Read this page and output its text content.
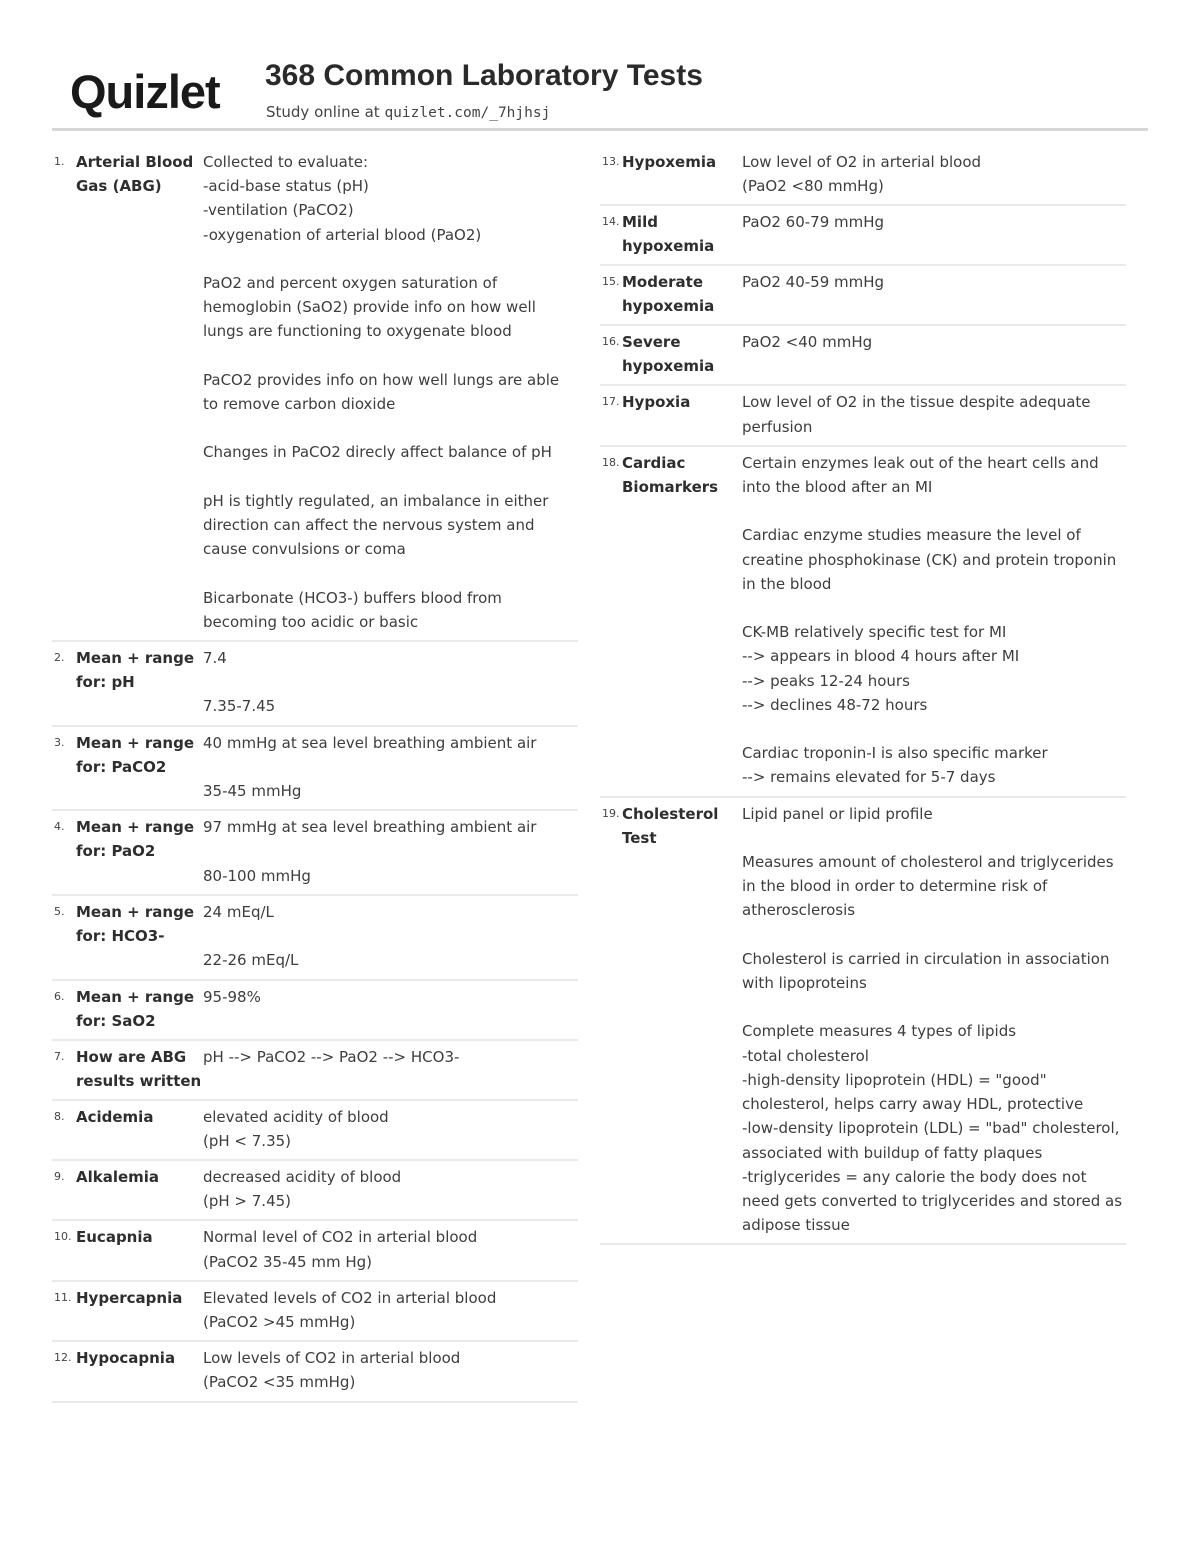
Quizlet 368 Common Laboratory Tests
Study online at quizlet.com/_7hjhsj
1. Arterial Blood Gas (ABG)
Collected to evaluate:
-acid-base status (pH)
-ventilation (PaCO2)
-oxygenation of arterial blood (PaO2)

PaO2 and percent oxygen saturation of hemoglobin (SaO2) provide info on how well lungs are functioning to oxygenate blood

PaCO2 provides info on how well lungs are able to remove carbon dioxide

Changes in PaCO2 direcly affect balance of pH

pH is tightly regulated, an imbalance in either direction can affect the nervous system and cause convulsions or coma

Bicarbonate (HCO3-) buffers blood from becoming too acidic or basic
2. Mean + range for: pH
7.4

7.35-7.45
3. Mean + range for: PaCO2
40 mmHg at sea level breathing ambient air

35-45 mmHg
4. Mean + range for: PaO2
97 mmHg at sea level breathing ambient air

80-100 mmHg
5. Mean + range for: HCO3-
24 mEq/L

22-26 mEq/L
6. Mean + range for: SaO2
95-98%
7. How are ABG results written
pH --> PaCO2 --> PaO2 --> HCO3-
8. Acidemia	elevated acidity of blood
(pH < 7.35)
9. Alkalemia	decreased acidity of blood
(pH > 7.45)
10. Eucapnia	Normal level of CO2 in arterial blood
(PaCO2 35-45 mm Hg)
11. Hypercapnia	Elevated levels of CO2 in arterial blood
(PaCO2 >45 mmHg)
12. Hypocapnia	Low levels of CO2 in arterial blood
(PaCO2 <35 mmHg)
13. Hypoxemia	Low level of O2 in arterial blood
(PaO2 <80 mmHg)
14. Mild hypoxemia
PaO2 60-79 mmHg
15. Moderate hypoxemia
PaO2 40-59 mmHg
16. Severe hypoxemia
PaO2 <40 mmHg
17. Hypoxia	Low level of O2 in the tissue despite adequate perfusion
18. Cardiac Biomarkers
Certain enzymes leak out of the heart cells and into the blood after an MI

Cardiac enzyme studies measure the level of creatine phosphokinase (CK) and protein troponin in the blood

CK-MB relatively specific test for MI
--> appears in blood 4 hours after MI
--> peaks 12-24 hours
--> declines 48-72 hours

Cardiac troponin-I is also specific marker
--> remains elevated for 5-7 days
19. Cholesterol Test
Lipid panel or lipid profile

Measures amount of cholesterol and triglycerides in the blood in order to determine risk of atherosclerosis

Cholesterol is carried in circulation in association with lipoproteins

Complete measures 4 types of lipids
-total cholesterol
-high-density lipoprotein (HDL) = "good" cholesterol, helps carry away HDL, protective
-low-density lipoprotein (LDL) = "bad" cholesterol, associated with buildup of fatty plaques
-triglycerides = any calorie the body does not need gets converted to triglycerides and stored as adipose tissue
